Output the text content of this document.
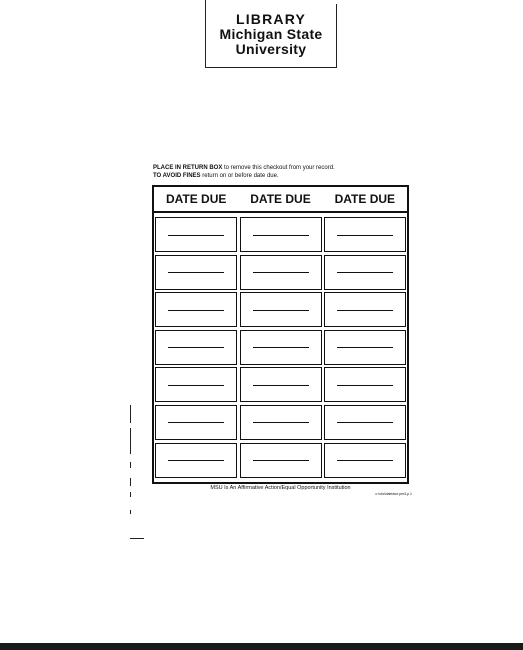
LIBRARY
Michigan State
University
PLACE IN RETURN BOX to remove this checkout from your record.
TO AVOID FINES return on or before date due.
DATE DUE	DATE DUE	DATE DUE
MSU Is An Affirmative Action/Equal Opportunity Institution
c:\circ\datedue.pm3-p.1
